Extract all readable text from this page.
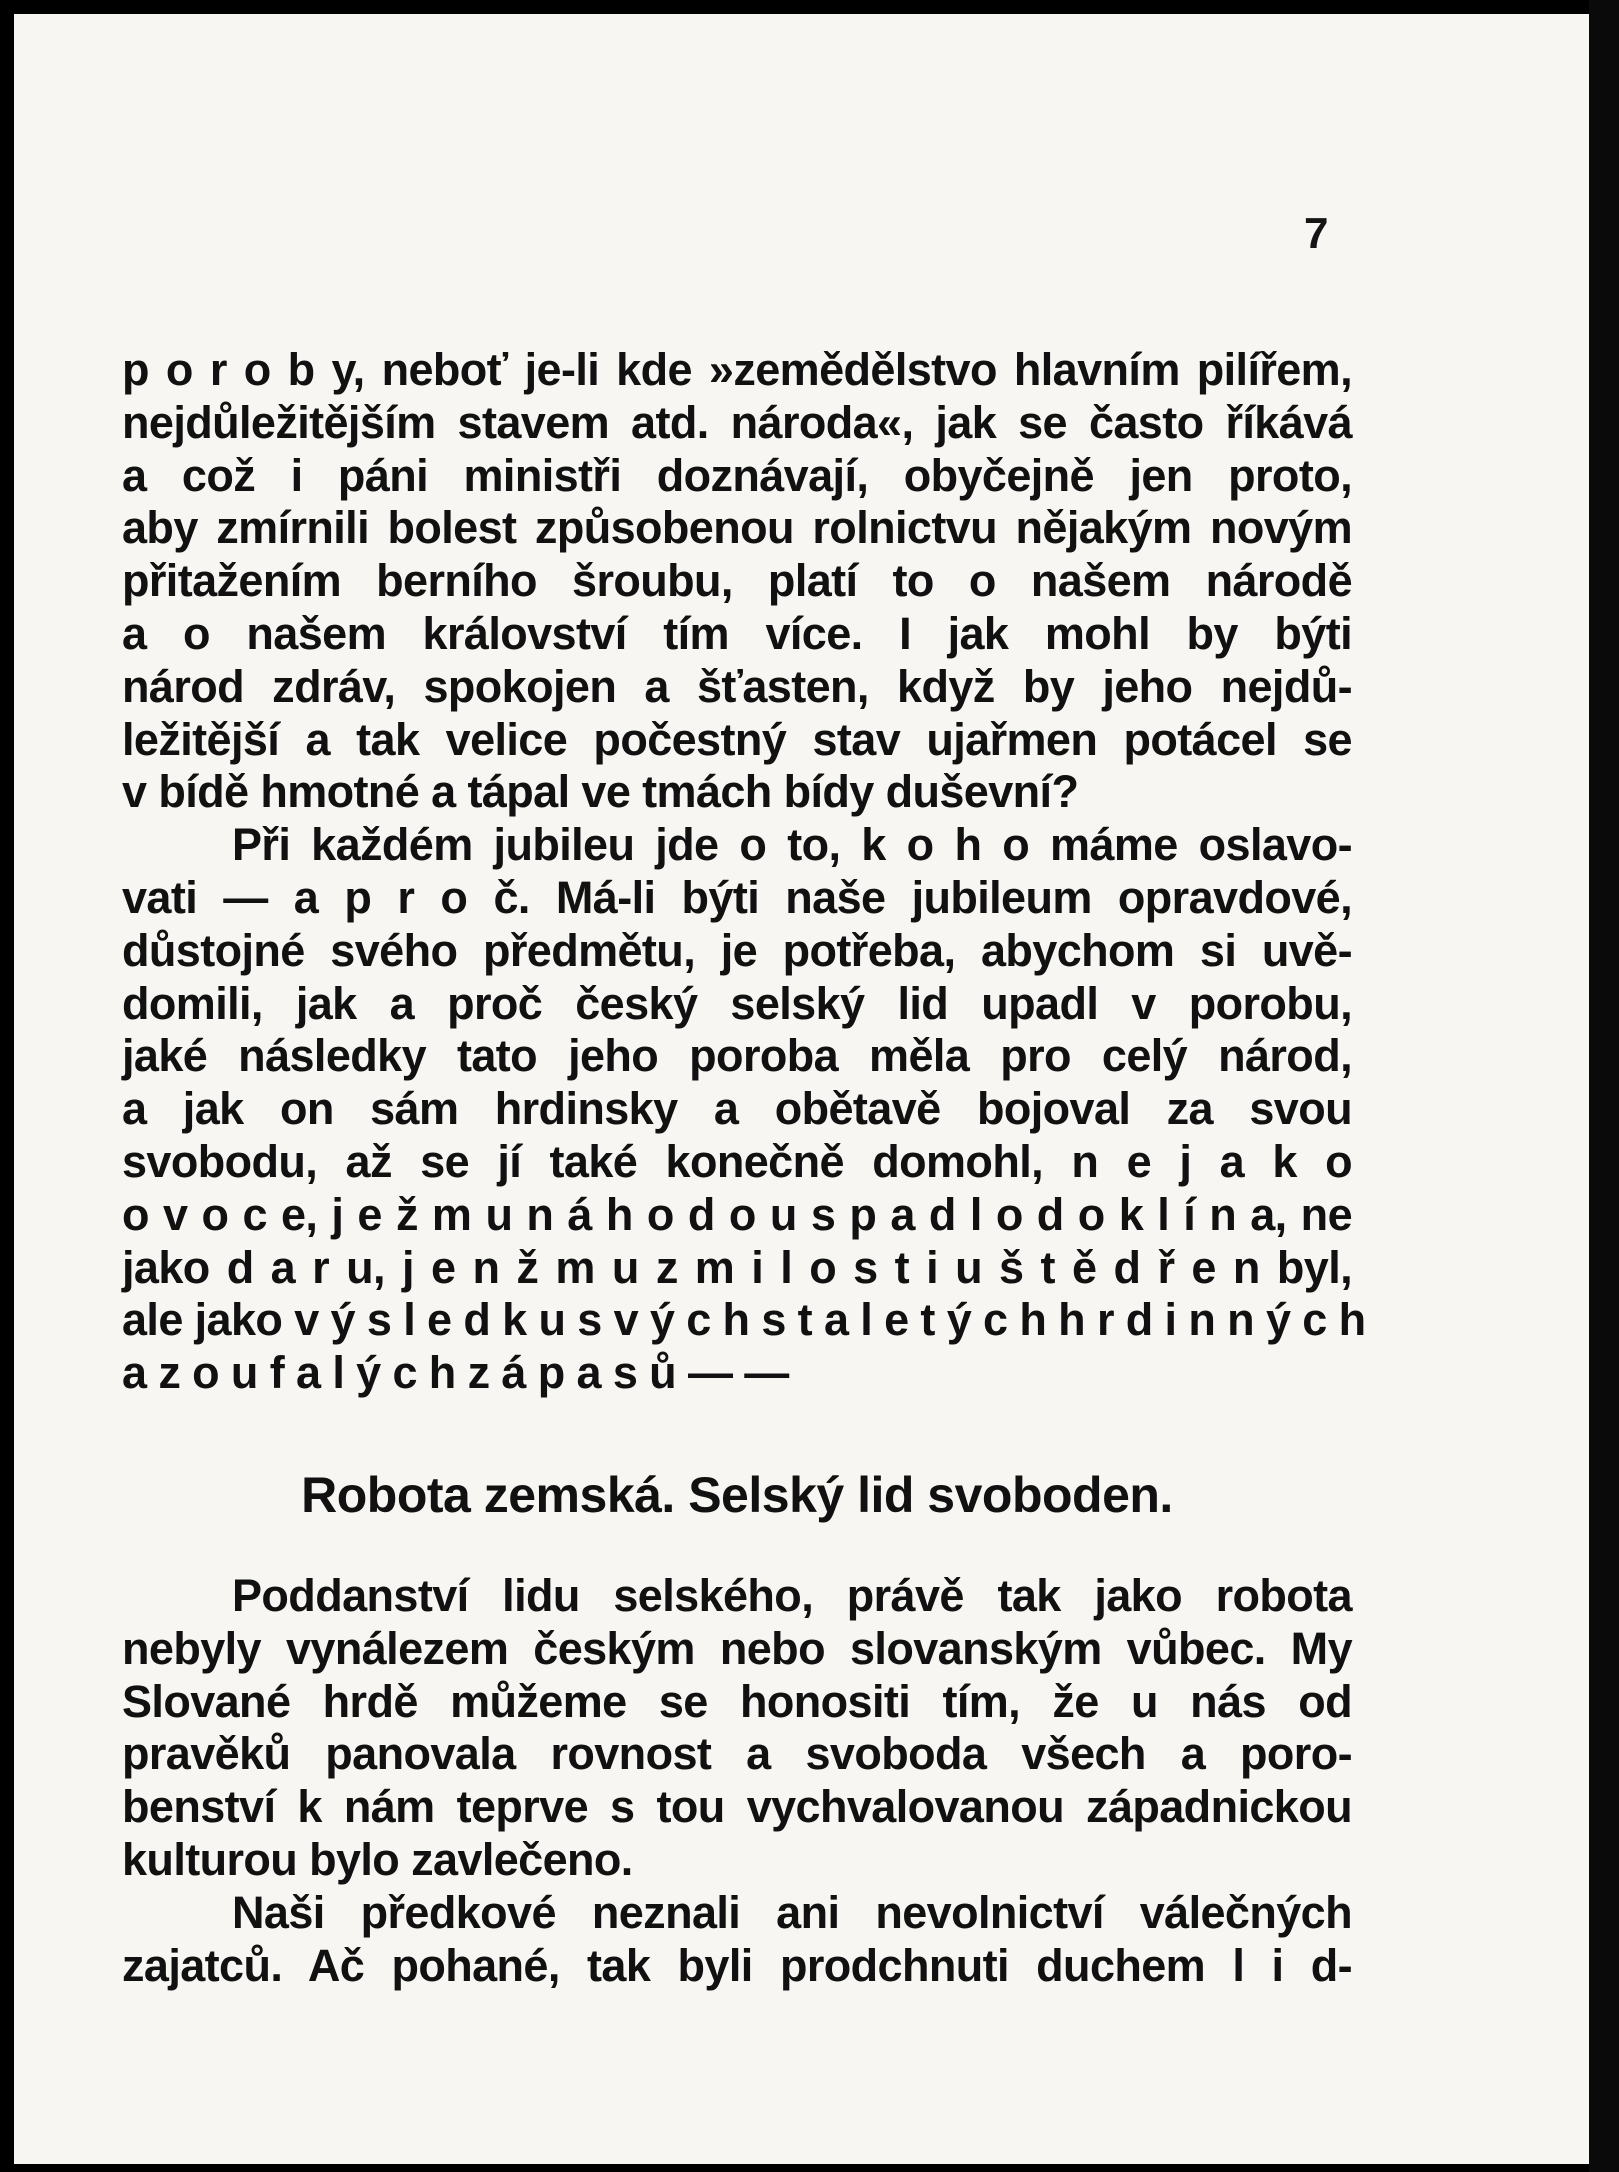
7
p o r o b y, neboť je-li kde »zemědělstvo hlavním pilířem,
nejdůležitějším stavem atd. národa«, jak se často říkává
a což i páni ministři doznávají, obyčejně jen proto,
aby zmírnili bolest způsobenou rolnictvu nějakým novým
přitažením berního šroubu, platí to o našem národě
a o našem království tím více. I jak mohl by býti
národ zdráv, spokojen a šťasten, když by jeho nejdů-
ležitější a tak velice počestný stav ujařmen potácel se
v bídě hmotné a tápal ve tmách bídy duševní?
Při každém jubileu jde o to, k o h o máme oslavo-
vati — a p r o č. Má-li býti naše jubileum opravdové,
důstojné svého předmětu, je potřeba, abychom si uvě-
domili, jak a proč český selský lid upadl v porobu,
jaké následky tato jeho poroba měla pro celý národ,
a jak on sám hrdinsky a obětavě bojoval za svou
svobodu, až se jí také konečně domohl, n e j a k o
o v o c e, j e ž m u n á h o d o u s p a d l o d o k l í n a, ne
jako d a r u, j e n ž m u z m i l o s t i u š t ě d ř e n byl,
ale jako v ý s l e d k u s v ý c h s t a l e t ý c h h r d i n n ý c h
a z o u f a l ý c h z á p a s ů — —
Robota zemská. Selský lid svoboden.
Poddanství lidu selského, právě tak jako robota
nebyly vynálezem českým nebo slovanským vůbec. My
Slované hrdě můžeme se honositi tím, že u nás od
pravěků panovala rovnost a svoboda všech a poro-
benství k nám teprve s tou vychvalovanou západnickou
kulturou bylo zavlečeno.
Naši předkové neznali ani nevolnictví válečných
zajatců. Ač pohané, tak byli prodchnuti duchem l i d-
